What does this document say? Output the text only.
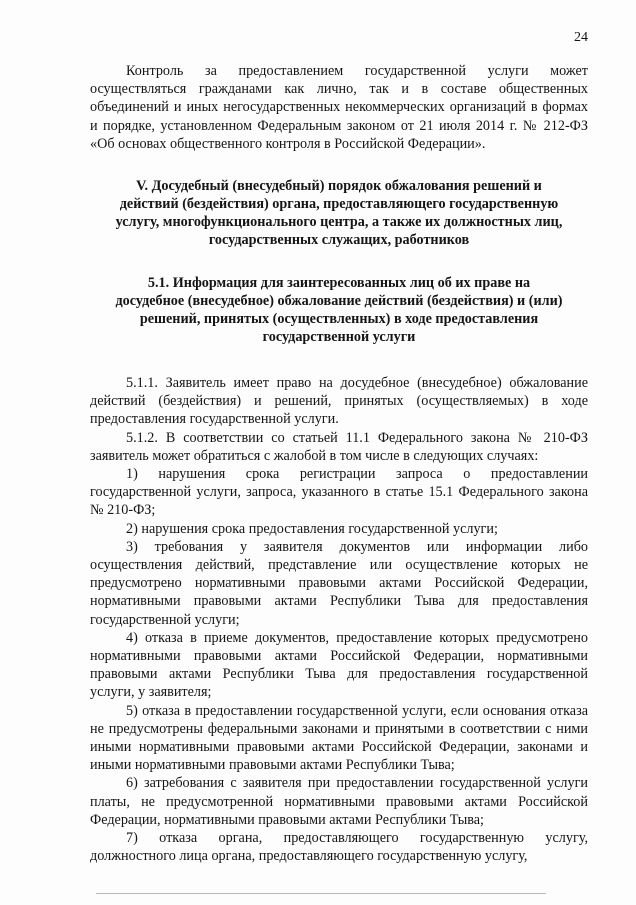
24

Контроль за предоставлением государственной услуги может осуществляться гражданами как лично, так и в составе общественных объединений и иных негосударственных некоммерческих организаций в формах и порядке, установленном Федеральным законом от 21 июля 2014 г. № 212-ФЗ «Об основах общественного контроля в Российской Федерации».

V. Досудебный (внесудебный) порядок обжалования решений и действий (бездействия) органа, предоставляющего государственную услугу, многофункционального центра, а также их должностных лиц, государственных служащих, работников

5.1. Информация для заинтересованных лиц об их праве на досудебное (внесудебное) обжалование действий (бездействия) и (или) решений, принятых (осуществленных) в ходе предоставления государственной услуги

5.1.1. Заявитель имеет право на досудебное (внесудебное) обжалование действий (бездействия) и решений, принятых (осуществляемых) в ходе предоставления государственной услуги.

5.1.2. В соответствии со статьей 11.1 Федерального закона № 210-ФЗ заявитель может обратиться с жалобой в том числе в следующих случаях:

1) нарушения срока регистрации запроса о предоставлении государственной услуги, запроса, указанного в статье 15.1 Федерального закона № 210-ФЗ;

2) нарушения срока предоставления государственной услуги;

3) требования у заявителя документов или информации либо осуществления действий, представление или осуществление которых не предусмотрено нормативными правовыми актами Российской Федерации, нормативными правовыми актами Республики Тыва для предоставления государственной услуги;

4) отказа в приеме документов, предоставление которых предусмотрено нормативными правовыми актами Российской Федерации, нормативными правовыми актами Республики Тыва для предоставления государственной услуги, у заявителя;

5) отказа в предоставлении государственной услуги, если основания отказа не предусмотрены федеральными законами и принятыми в соответствии с ними иными нормативными правовыми актами Российской Федерации, законами и иными нормативными правовыми актами Республики Тыва;

6) затребования с заявителя при предоставлении государственной услуги платы, не предусмотренной нормативными правовыми актами Российской Федерации, нормативными правовыми актами Республики Тыва;

7) отказа органа, предоставляющего государственную услугу, должностного лица органа, предоставляющего государственную услугу,
